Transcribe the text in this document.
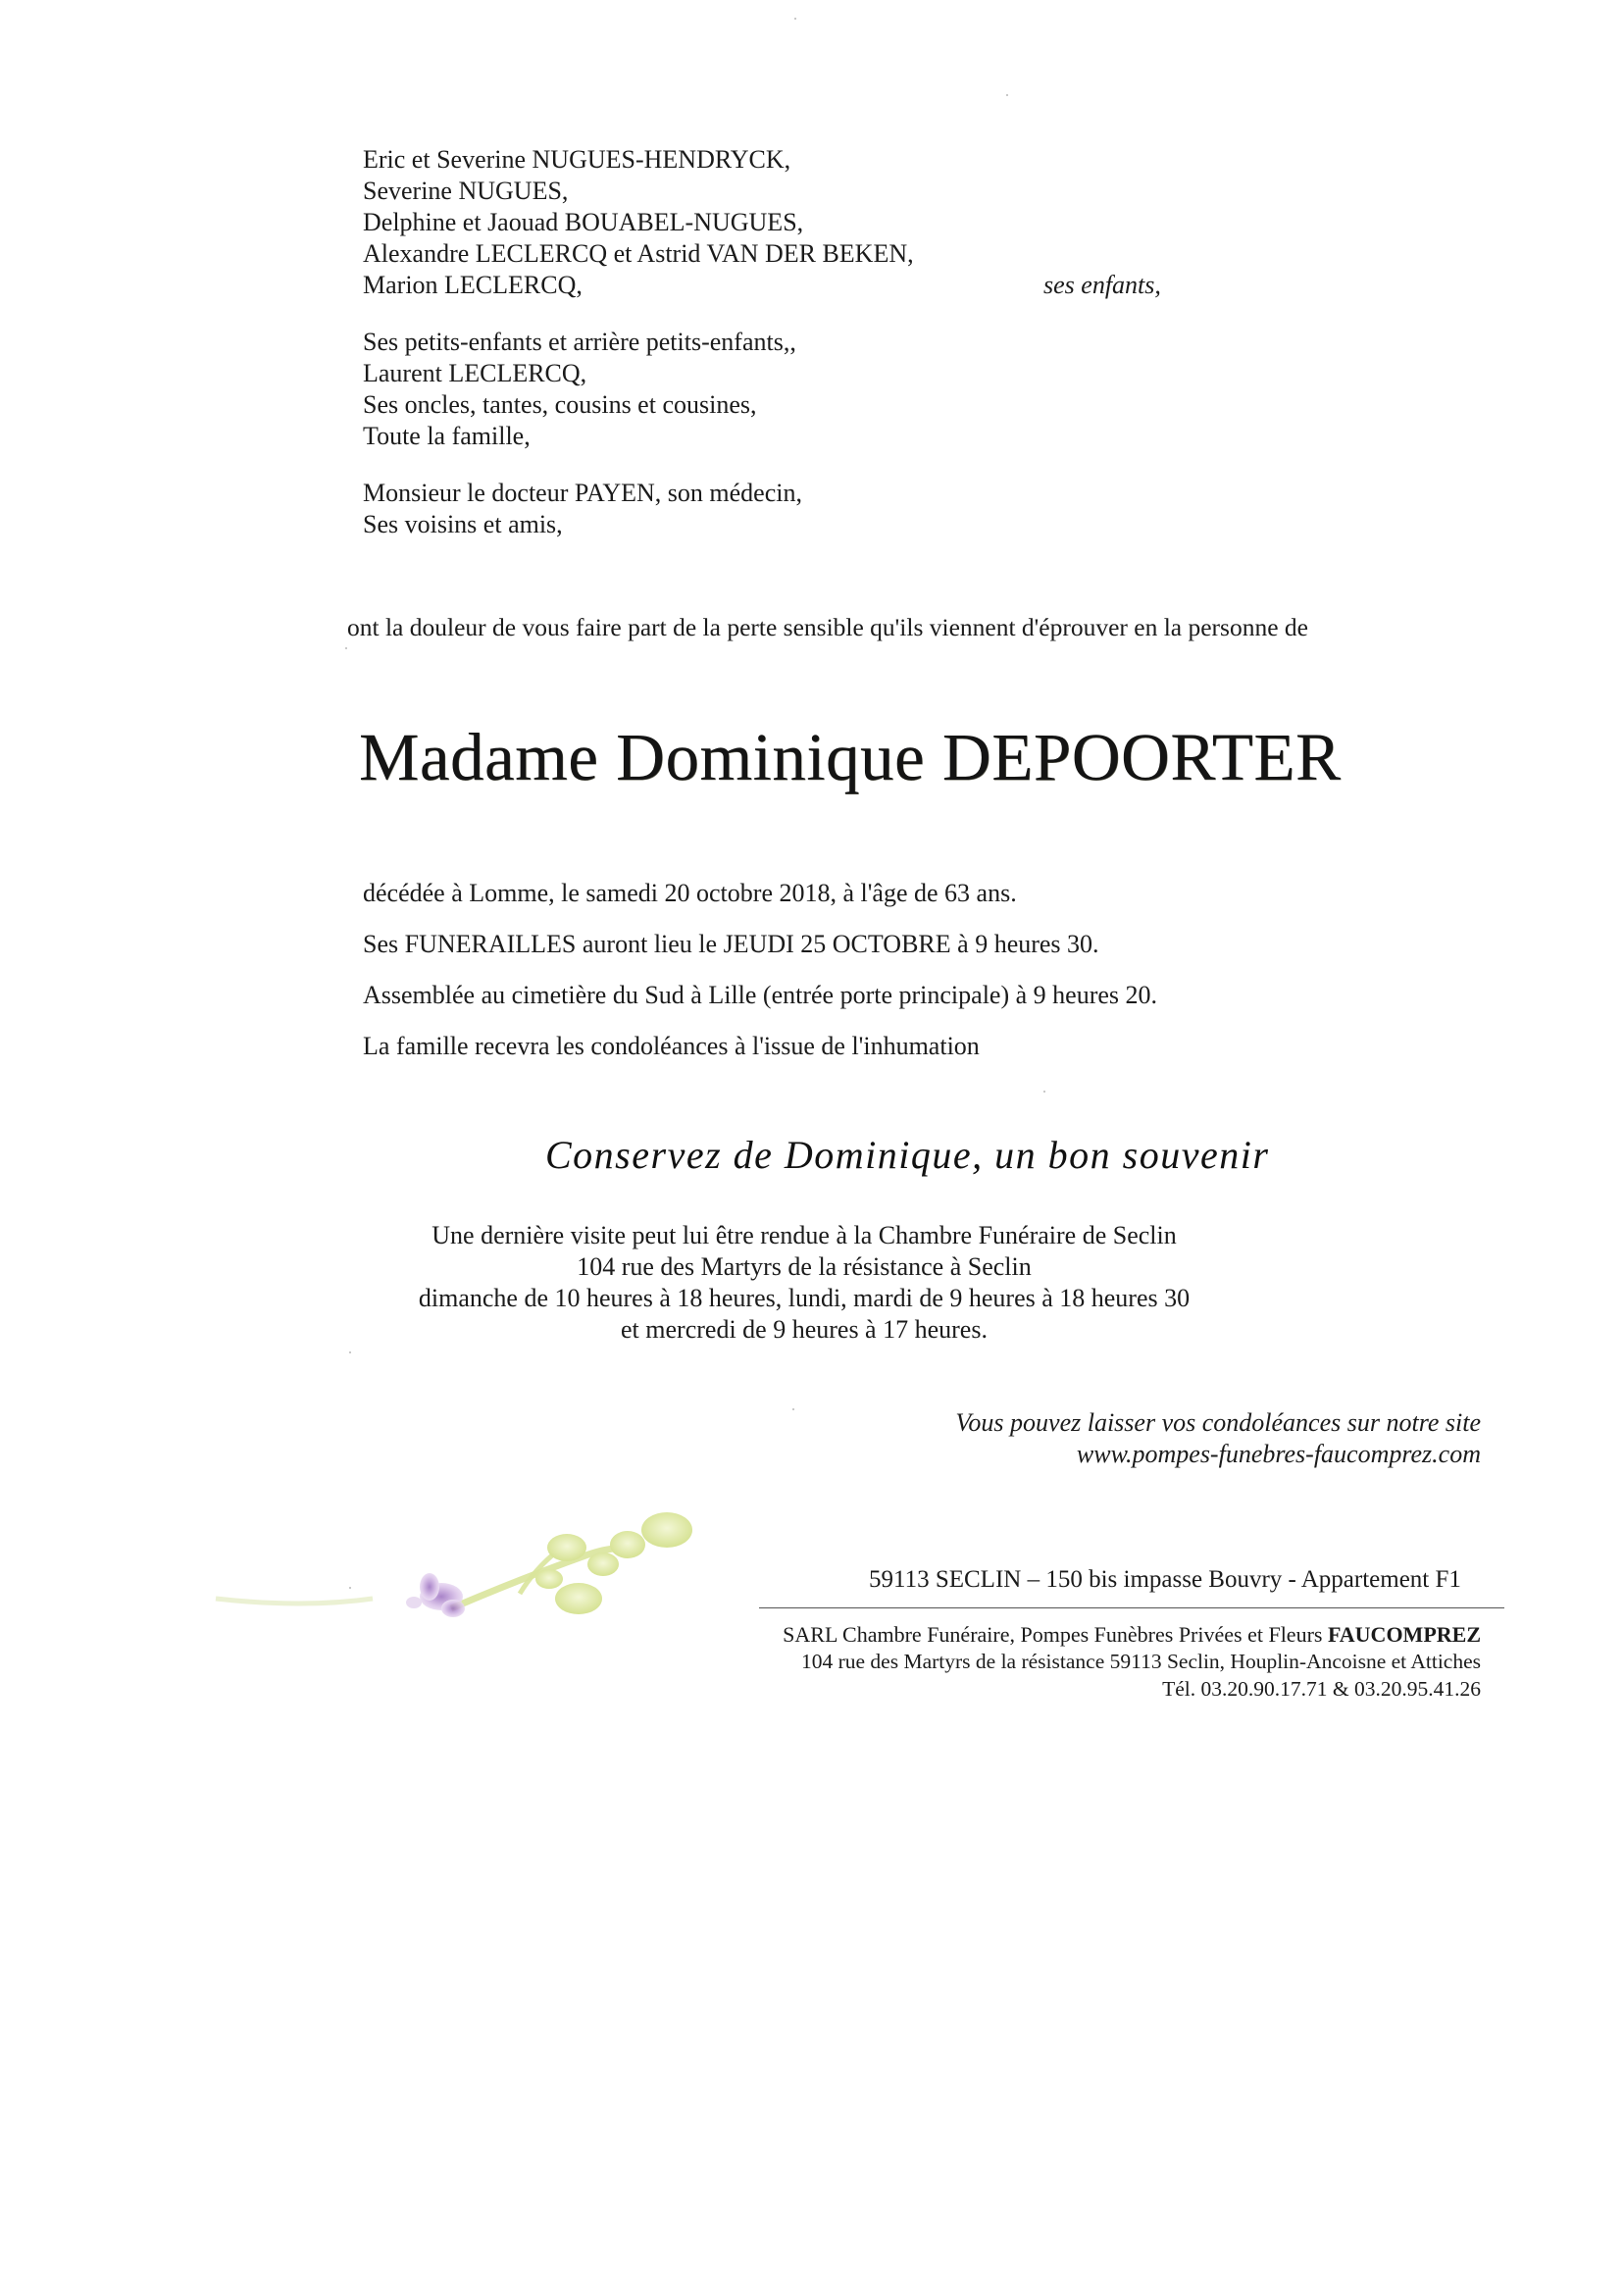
Eric et Severine NUGUES-HENDRYCK,
Severine NUGUES,
Delphine et Jaouad BOUABEL-NUGUES,
Alexandre LECLERCQ et Astrid VAN DER BEKEN,
Marion LECLERCQ,	ses enfants,
Ses petits-enfants et arrière petits-enfants,,
Laurent LECLERCQ,
Ses oncles, tantes, cousins et cousines,
Toute la famille,
Monsieur le docteur PAYEN, son médecin,
Ses voisins et amis,
ont la douleur de vous faire part de la perte sensible qu'ils viennent d'éprouver en la personne de
Madame Dominique DEPOORTER
décédée à Lomme, le samedi 20 octobre 2018, à l'âge de 63 ans.
Ses FUNERAILLES auront lieu le JEUDI 25 OCTOBRE à 9 heures 30.
Assemblée au cimetière du Sud à Lille (entrée porte principale) à 9 heures 20.
La famille recevra les condoléances à l'issue de l'inhumation
Conservez de Dominique, un bon souvenir
Une dernière visite peut lui être rendue à la Chambre Funéraire de Seclin
104 rue des Martyrs de la résistance à Seclin
dimanche de 10 heures à 18 heures, lundi, mardi de 9 heures à 18 heures 30
et mercredi de 9 heures à 17 heures.
Vous pouvez laisser vos condoléances sur notre site
www.pompes-funebres-faucomprez.com
59113 SECLIN – 150 bis impasse Bouvry - Appartement F1
SARL Chambre Funéraire, Pompes Funèbres Privées et Fleurs FAUCOMPREZ
104 rue des Martyrs de la résistance 59113 Seclin, Houplin-Ancoisne et Attiches
Tél. 03.20.90.17.71 & 03.20.95.41.26
